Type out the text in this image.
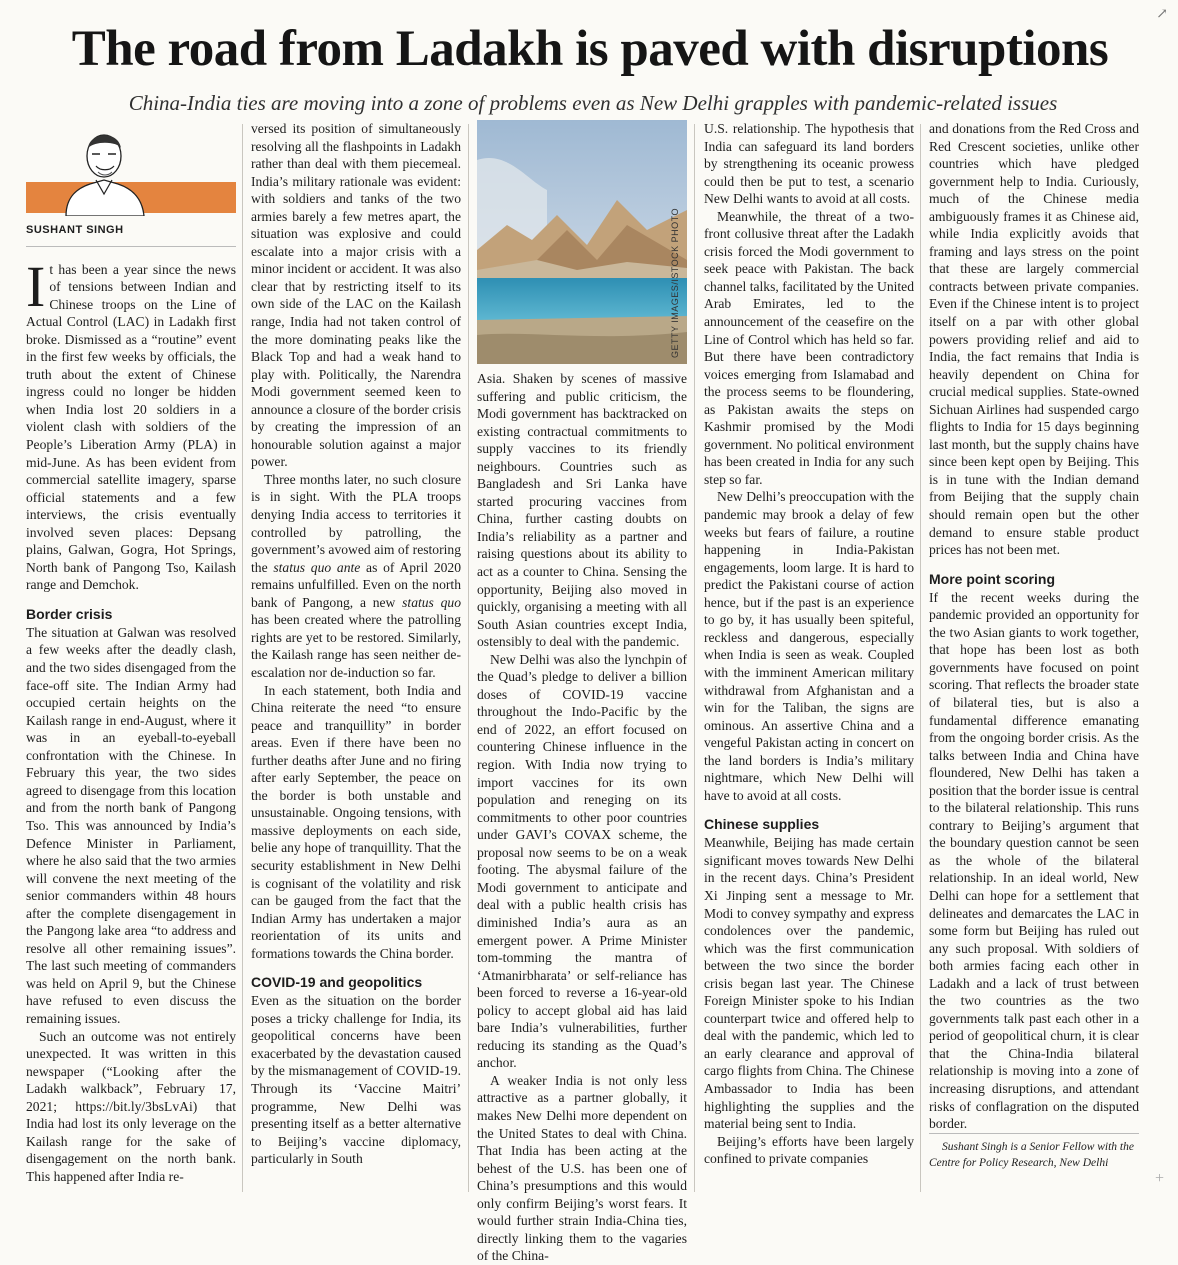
↗
The road from Ladakh is paved with disruptions

China-India ties are moving into a zone of problems even as New Delhi grapples with pandemic-related issues

SUSHANT SINGH

It has been a year since the news of tensions between Indian and Chinese troops on the Line of Actual Control (LAC) in Ladakh first broke. Dismissed as a “routine” event in the first few weeks by officials, the truth about the extent of Chinese ingress could no longer be hidden when India lost 20 soldiers in a violent clash with soldiers of the People’s Liberation Army (PLA) in mid-June. As has been evident from commercial satellite imagery, sparse official statements and a few interviews, the crisis eventually involved seven places: Depsang plains, Galwan, Gogra, Hot Springs, North bank of Pangong Tso, Kailash range and Demchok.

Border crisis

The situation at Galwan was resolved a few weeks after the deadly clash, and the two sides disengaged from the face-off site. The Indian Army had occupied certain heights on the Kailash range in end-August, where it was in an eyeball-to-eyeball confrontation with the Chinese. In February this year, the two sides agreed to disengage from this location and from the north bank of Pangong Tso. This was announced by India’s Defence Minister in Parliament, where he also said that the two armies will convene the next meeting of the senior commanders within 48 hours after the complete disengagement in the Pangong lake area “to address and resolve all other remaining issues”. The last such meeting of commanders was held on April 9, but the Chinese have refused to even discuss the remaining issues.

Such an outcome was not entirely unexpected. It was written in this newspaper (“Looking after the Ladakh walkback”, February 17, 2021; https://bit.ly/3bsLvAi) that India had lost its only leverage on the Kailash range for the sake of disengagement on the north bank. This happened after India re-

versed its position of simultaneously resolving all the flashpoints in Ladakh rather than deal with them piecemeal. India’s military rationale was evident: with soldiers and tanks of the two armies barely a few metres apart, the situation was explosive and could escalate into a major crisis with a minor incident or accident. It was also clear that by restricting itself to its own side of the LAC on the Kailash range, India had not taken control of the more dominating peaks like the Black Top and had a weak hand to play with. Politically, the Narendra Modi government seemed keen to announce a closure of the border crisis by creating the impression of an honourable solution against a major power.

Three months later, no such closure is in sight. With the PLA troops denying India access to territories it controlled by patrolling, the government’s avowed aim of restoring the status quo ante as of April 2020 remains unfulfilled. Even on the north bank of Pangong, a new status quo has been created where the patrolling rights are yet to be restored. Similarly, the Kailash range has seen neither de-escalation nor de-induction so far.

In each statement, both India and China reiterate the need “to ensure peace and tranquillity” in border areas. Even if there have been no further deaths after June and no firing after early September, the peace on the border is both unstable and unsustainable. Ongoing tensions, with massive deployments on each side, belie any hope of tranquillity. That the security establishment in New Delhi is cognisant of the volatility and risk can be gauged from the fact that the Indian Army has undertaken a major reorientation of its units and formations towards the China border.

COVID-19 and geopolitics

Even as the situation on the border poses a tricky challenge for India, its geopolitical concerns have been exacerbated by the devastation caused by the mismanagement of COVID-19. Through its ‘Vaccine Maitri’ programme, New Delhi was presenting itself as a better alternative to Beijing’s vaccine diplomacy, particularly in South

GETTY IMAGES/ISTOCK PHOTO

Asia. Shaken by scenes of massive suffering and public criticism, the Modi government has backtracked on existing contractual commitments to supply vaccines to its friendly neighbours. Countries such as Bangladesh and Sri Lanka have started procuring vaccines from China, further casting doubts on India’s reliability as a partner and raising questions about its ability to act as a counter to China. Sensing the opportunity, Beijing also moved in quickly, organising a meeting with all South Asian countries except India, ostensibly to deal with the pandemic.

New Delhi was also the lynchpin of the Quad’s pledge to deliver a billion doses of COVID-19 vaccine throughout the Indo-Pacific by the end of 2022, an effort focused on countering Chinese influence in the region. With India now trying to import vaccines for its own population and reneging on its commitments to other poor countries under GAVI’s COVAX scheme, the proposal now seems to be on a weak footing. The abysmal failure of the Modi government to anticipate and deal with a public health crisis has diminished India’s aura as an emergent power. A Prime Minister tom-tomming the mantra of ‘Atmanirbharata’ or self-reliance has been forced to reverse a 16-year-old policy to accept global aid has laid bare India’s vulnerabilities, further reducing its standing as the Quad’s anchor.

A weaker India is not only less attractive as a partner globally, it makes New Delhi more dependent on the United States to deal with China. That India has been acting at the behest of the U.S. has been one of China’s presumptions and this would only confirm Beijing’s worst fears. It would further strain India-China ties, directly linking them to the vagaries of the China-

U.S. relationship. The hypothesis that India can safeguard its land borders by strengthening its oceanic prowess could then be put to test, a scenario New Delhi wants to avoid at all costs.

Meanwhile, the threat of a two-front collusive threat after the Ladakh crisis forced the Modi government to seek peace with Pakistan. The back channel talks, facilitated by the United Arab Emirates, led to the announcement of the ceasefire on the Line of Control which has held so far. But there have been contradictory voices emerging from Islamabad and the process seems to be floundering, as Pakistan awaits the steps on Kashmir promised by the Modi government. No political environment has been created in India for any such step so far.

New Delhi’s preoccupation with the pandemic may brook a delay of few weeks but fears of failure, a routine happening in India-Pakistan engagements, loom large. It is hard to predict the Pakistani course of action hence, but if the past is an experience to go by, it has usually been spiteful, reckless and dangerous, especially when India is seen as weak. Coupled with the imminent American military withdrawal from Afghanistan and a win for the Taliban, the signs are ominous. An assertive China and a vengeful Pakistan acting in concert on the land borders is India’s military nightmare, which New Delhi will have to avoid at all costs.

Chinese supplies

Meanwhile, Beijing has made certain significant moves towards New Delhi in the recent days. China’s President Xi Jinping sent a message to Mr. Modi to convey sympathy and express condolences over the pandemic, which was the first communication between the two since the border crisis began last year. The Chinese Foreign Minister spoke to his Indian counterpart twice and offered help to deal with the pandemic, which led to an early clearance and approval of cargo flights from China. The Chinese Ambassador to India has been highlighting the supplies and the material being sent to India.

Beijing’s efforts have been largely confined to private companies

and donations from the Red Cross and Red Crescent societies, unlike other countries which have pledged government help to India. Curiously, much of the Chinese media ambiguously frames it as Chinese aid, while India explicitly avoids that framing and lays stress on the point that these are largely commercial contracts between private companies. Even if the Chinese intent is to project itself on a par with other global powers providing relief and aid to India, the fact remains that India is heavily dependent on China for crucial medical supplies. State-owned Sichuan Airlines had suspended cargo flights to India for 15 days beginning last month, but the supply chains have since been kept open by Beijing. This is in tune with the Indian demand from Beijing that the supply chain should remain open but the other demand to ensure stable product prices has not been met.

More point scoring

If the recent weeks during the pandemic provided an opportunity for the two Asian giants to work together, that hope has been lost as both governments have focused on point scoring. That reflects the broader state of bilateral ties, but is also a fundamental difference emanating from the ongoing border crisis. As the talks between India and China have floundered, New Delhi has taken a position that the border issue is central to the bilateral relationship. This runs contrary to Beijing’s argument that the boundary question cannot be seen as the whole of the bilateral relationship. In an ideal world, New Delhi can hope for a settlement that delineates and demarcates the LAC in some form but Beijing has ruled out any such proposal. With soldiers of both armies facing each other in Ladakh and a lack of trust between the two countries as the two governments talk past each other in a period of geopolitical churn, it is clear that the China-India bilateral relationship is moving into a zone of increasing disruptions, and attendant risks of conflagration on the disputed border.

Sushant Singh is a Senior Fellow with the Centre for Policy Research, New Delhi

+
